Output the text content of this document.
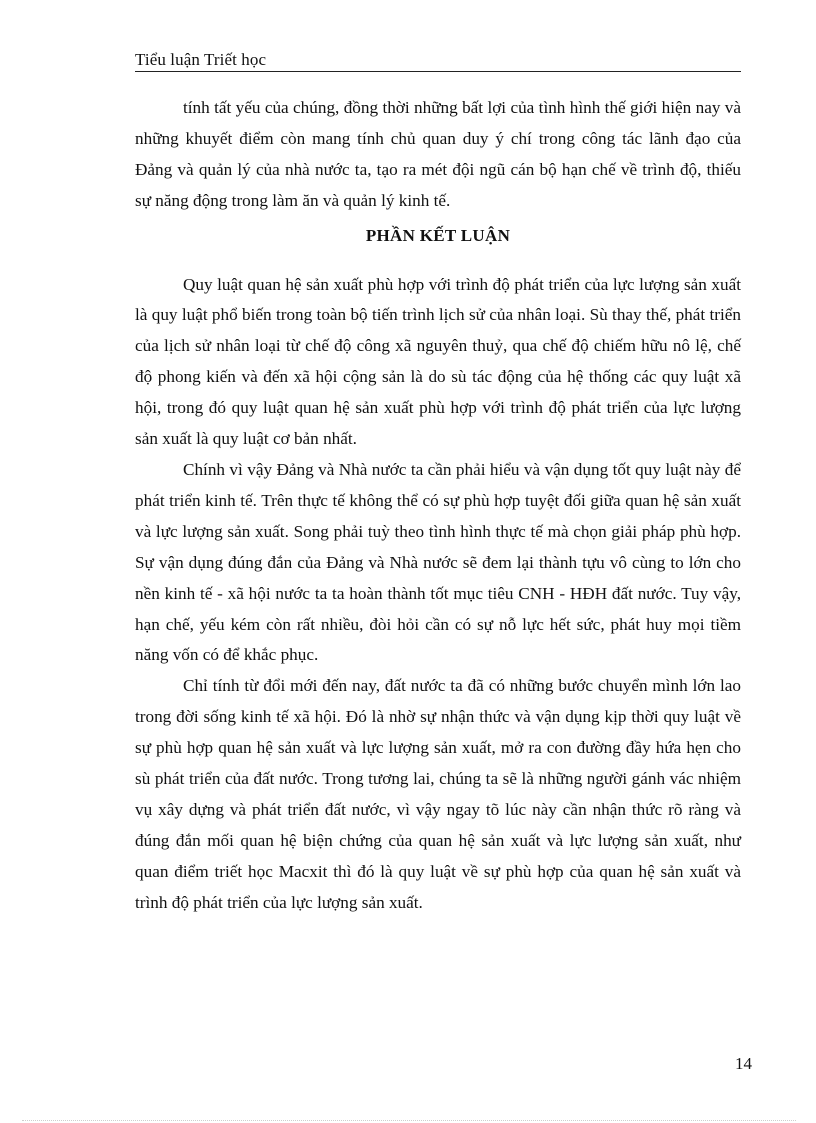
Tiểu luận Triết học

tính tất yếu của chúng, đồng thời những bất lợi của tình hình thế giới hiện nay và những khuyết điểm còn mang tính chủ quan duy ý chí trong công tác lãnh đạo của Đảng và quản lý của nhà nước ta, tạo ra mét đội ngũ cán bộ hạn chế về trình độ, thiếu sự năng động trong làm ăn và quản lý kinh tế.

PHẦN KẾT LUẬN

Quy luật quan hệ sản xuất phù hợp với trình độ phát triển của lực lượng sản xuất là quy luật phổ biến trong toàn bộ tiến trình lịch sử của nhân loại. Sù thay thế, phát triển của lịch sử nhân loại từ chế độ công xã nguyên thuỷ, qua chế độ chiếm hữu nô lệ, chế độ phong kiến và đến xã hội cộng sản là do sù tác động của hệ thống các quy luật xã hội, trong đó quy luật quan hệ sản xuất phù hợp với trình độ phát triển của lực lượng sản xuất là quy luật cơ bản nhất.

Chính vì vậy Đảng và Nhà nước ta cần phải hiểu và vận dụng tốt quy luật này để phát triển kinh tế. Trên thực tế không thể có sự phù hợp tuyệt đối giữa quan hệ sản xuất và lực lượng sản xuất. Song phải tuỳ theo tình hình thực tế mà chọn giải pháp phù hợp. Sự vận dụng đúng đắn của Đảng và Nhà nước sẽ đem lại thành tựu vô cùng to lớn cho nền kinh tế - xã hội nước ta ta hoàn thành tốt mục tiêu CNH - HĐH đất nước. Tuy vậy, hạn chế, yếu kém còn rất nhiều, đòi hỏi cần có sự nỗ lực hết sức, phát huy mọi tiềm năng vốn có để khắc phục.

Chỉ tính từ đổi mới đến nay, đất nước ta đã có những bước chuyển mình lớn lao trong đời sống kinh tế xã hội. Đó là nhờ sự nhận thức và vận dụng kịp thời quy luật về sự phù hợp quan hệ sản xuất và lực lượng sản xuất, mở ra con đường đầy hứa hẹn cho sù phát triển của đất nước. Trong tương lai, chúng ta sẽ là những người gánh vác nhiệm vụ xây dựng và phát triển đất nước, vì vậy ngay tõ lúc này cần nhận thức rõ ràng và đúng đắn mối quan hệ biện chứng của quan hệ sản xuất và lực lượng sản xuất, như quan điểm triết học Macxit thì đó là quy luật về sự phù hợp của quan hệ sản xuất và trình độ phát triển của lực lượng sản xuất.

14
